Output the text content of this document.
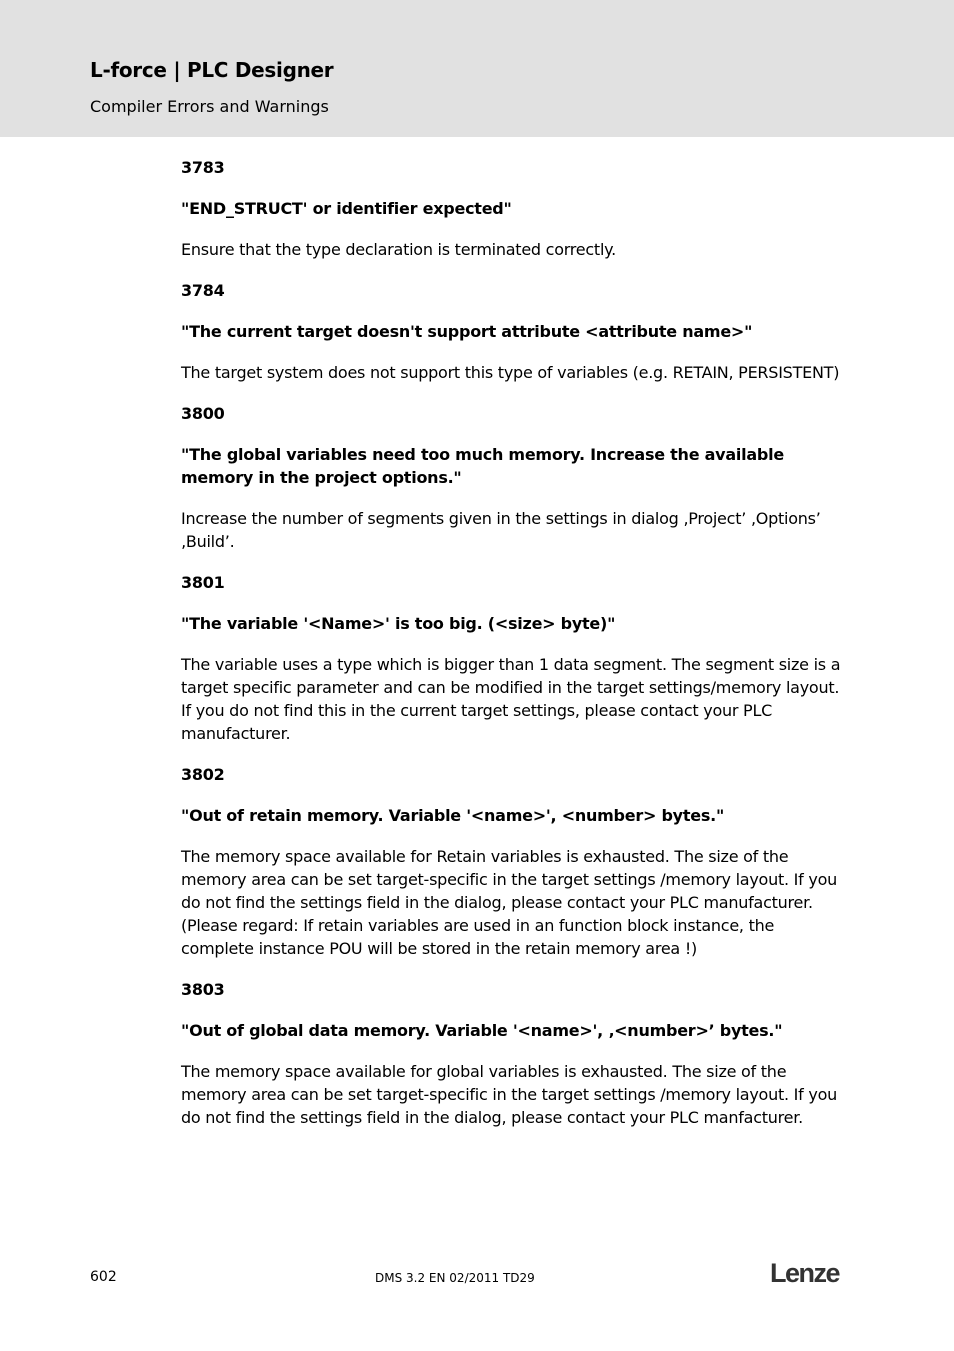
L-force | PLC Designer
Compiler Errors and Warnings

3783

"END_STRUCT' or identifier expected"

Ensure that the type declaration is terminated correctly.

3784

"The current target doesn't support attribute <attribute name>"

The target system does not support this type of variables (e.g. RETAIN, PERSISTENT)

3800

"The global variables need too much memory. Increase the available memory in the project options."

Increase the number of segments given in the settings in dialog ‚Project’ ‚Options’ ‚Build’.

3801

"The variable '<Name>' is too big. (<size> byte)"

The variable uses a type which is bigger than 1 data segment. The segment size is a target specific parameter and can be modified in the target settings/memory layout. If you do not find this in the current target settings, please contact your PLC manufacturer.

3802

"Out of retain memory. Variable '<name>', <number> bytes."

The memory space available for Retain variables is exhausted. The size of the memory area can be set target-specific in the target settings /memory layout. If you do not find the settings field in the dialog, please contact your PLC manufacturer. (Please regard: If retain variables are used in an function block instance, the complete instance POU will be stored in the retain memory area !)

3803

"Out of global data memory. Variable '<name>', ‚<number>’ bytes."

The memory space available for global variables is exhausted. The size of the memory area can be set target-specific in the target settings /memory layout. If you do not find the settings field in the dialog, please contact your PLC manfacturer.

602	DMS 3.2 EN 02/2011 TD29	Lenze
